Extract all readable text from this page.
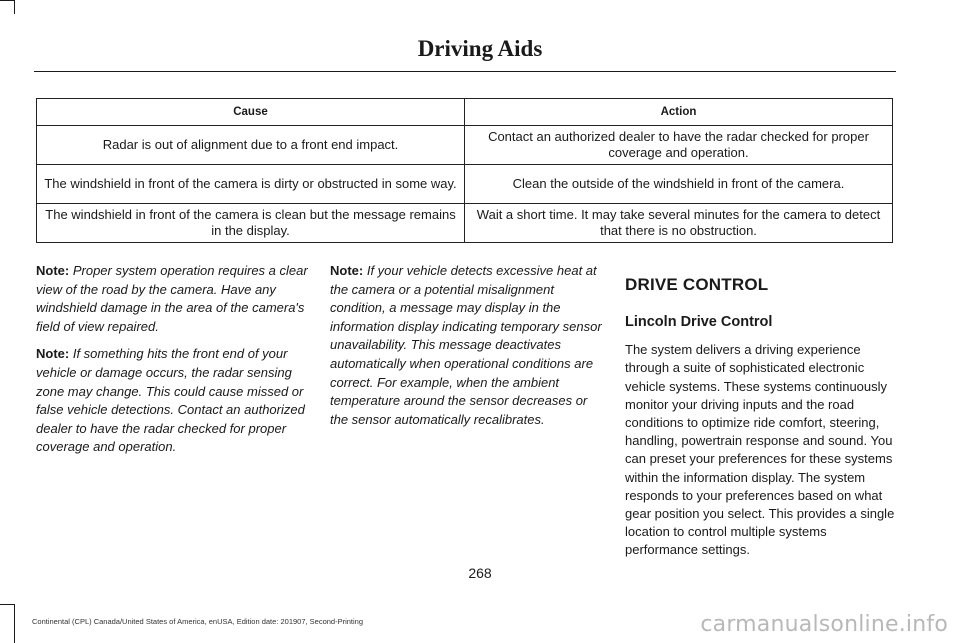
Driving Aids
Cause	Action
Radar is out of alignment due to a front end impact.	Contact an authorized dealer to have the radar checked for proper coverage and operation.
The windshield in front of the camera is dirty or obstructed in some way.	Clean the outside of the windshield in front of the camera.
The windshield in front of the camera is clean but the message remains in the display.	Wait a short time. It may take several minutes for the camera to detect that there is no obstruction.

Note: Proper system operation requires a clear view of the road by the camera. Have any windshield damage in the area of the camera's field of view repaired.

Note: If something hits the front end of your vehicle or damage occurs, the radar sensing zone may change. This could cause missed or false vehicle detections. Contact an authorized dealer to have the radar checked for proper coverage and operation.

Note: If your vehicle detects excessive heat at the camera or a potential misalignment condition, a message may display in the information display indicating temporary sensor unavailability. This message deactivates automatically when operational conditions are correct. For example, when the ambient temperature around the sensor decreases or the sensor automatically recalibrates.

DRIVE CONTROL
Lincoln Drive Control
The system delivers a driving experience through a suite of sophisticated electronic vehicle systems. These systems continuously monitor your driving inputs and the road conditions to optimize ride comfort, steering, handling, powertrain response and sound. You can preset your preferences for these systems within the information display. The system responds to your preferences based on what gear position you select. This provides a single location to control multiple systems performance settings.
268
Continental (CPL) Canada/United States of America, enUSA, Edition date: 201907, Second-Printing	carmanualsonline.info
